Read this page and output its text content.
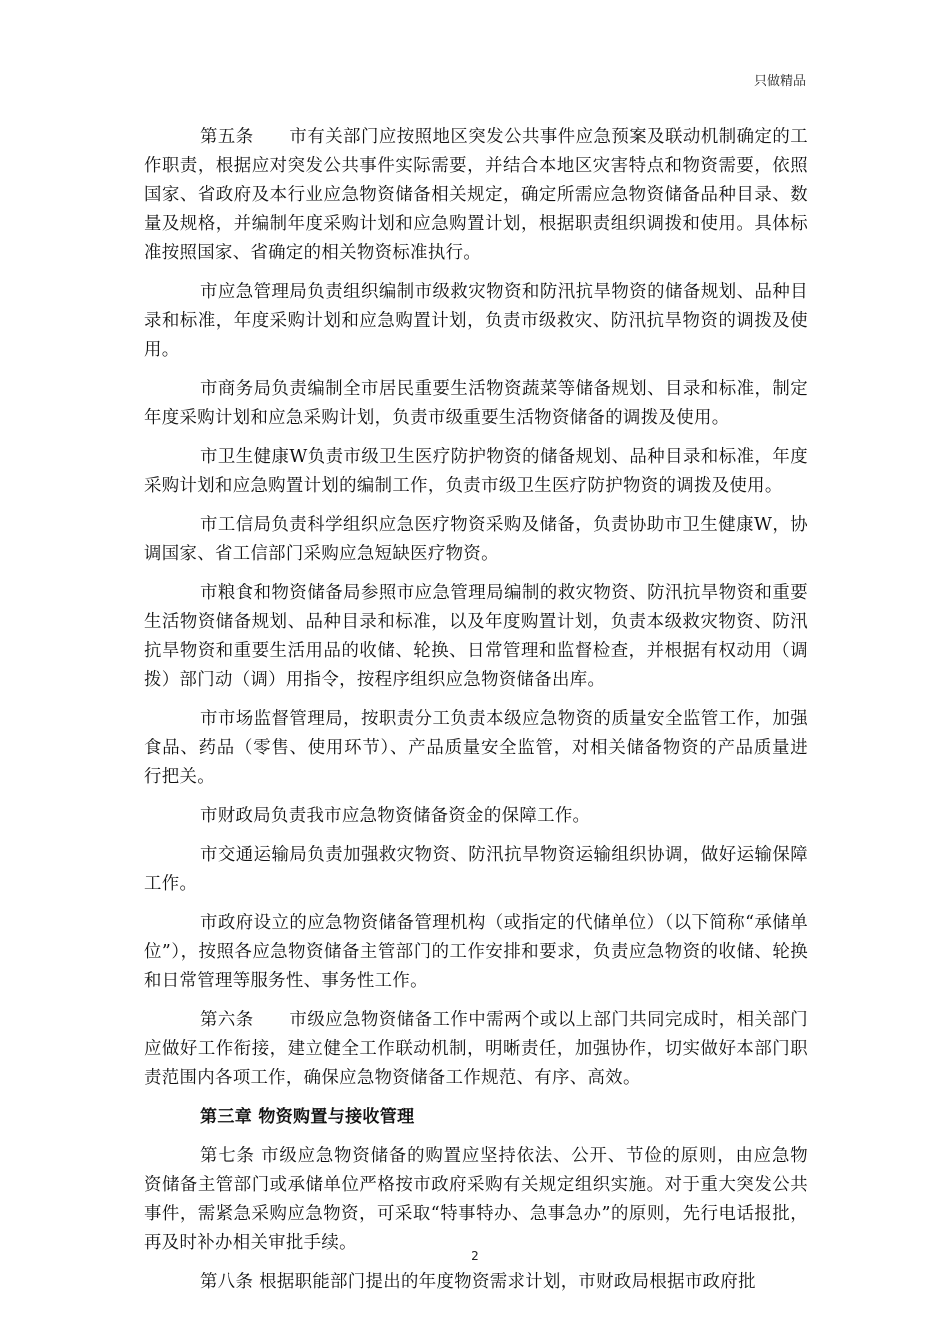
只做精品

第五条　　市有关部门应按照地区突发公共事件应急预案及联动机制确定的工作职责，根据应对突发公共事件实际需要，并结合本地区灾害特点和物资需要，依照国家、省政府及本行业应急物资储备相关规定，确定所需应急物资储备品种目录、数量及规格，并编制年度采购计划和应急购置计划，根据职责组织调拨和使用。具体标准按照国家、省确定的相关物资标准执行。

市应急管理局负责组织编制市级救灾物资和防汛抗旱物资的储备规划、品种目录和标准，年度采购计划和应急购置计划，负责市级救灾、防汛抗旱物资的调拨及使用。

市商务局负责编制全市居民重要生活物资蔬菜等储备规划、目录和标准，制定年度采购计划和应急采购计划，负责市级重要生活物资储备的调拨及使用。

市卫生健康W负责市级卫生医疗防护物资的储备规划、品种目录和标准，年度采购计划和应急购置计划的编制工作，负责市级卫生医疗防护物资的调拨及使用。

市工信局负责科学组织应急医疗物资采购及储备，负责协助市卫生健康W，协调国家、省工信部门采购应急短缺医疗物资。

市粮食和物资储备局参照市应急管理局编制的救灾物资、防汛抗旱物资和重要生活物资储备规划、品种目录和标准，以及年度购置计划，负责本级救灾物资、防汛抗旱物资和重要生活用品的收储、轮换、日常管理和监督检查，并根据有权动用（调拨）部门动（调）用指令，按程序组织应急物资储备出库。

市市场监督管理局，按职责分工负责本级应急物资的质量安全监管工作，加强食品、药品（零售、使用环节）、产品质量安全监管，对相关储备物资的产品质量进行把关。

市财政局负责我市应急物资储备资金的保障工作。

市交通运输局负责加强救灾物资、防汛抗旱物资运输组织协调，做好运输保障工作。

市政府设立的应急物资储备管理机构（或指定的代储单位）（以下简称“承储单位”），按照各应急物资储备主管部门的工作安排和要求，负责应急物资的收储、轮换和日常管理等服务性、事务性工作。

第六条　　市级应急物资储备工作中需两个或以上部门共同完成时，相关部门应做好工作衔接，建立健全工作联动机制，明晰责任，加强协作，切实做好本部门职责范围内各项工作，确保应急物资储备工作规范、有序、高效。

第三章 物资购置与接收管理

第七条 市级应急物资储备的购置应坚持依法、公开、节俭的原则，由应急物资储备主管部门或承储单位严格按市政府采购有关规定组织实施。对于重大突发公共事件，需紧急采购应急物资，可采取“特事特办、急事急办”的原则，先行电话报批，再及时补办相关审批手续。

第八条 根据职能部门提出的年度物资需求计划，市财政局根据市政府批

2
